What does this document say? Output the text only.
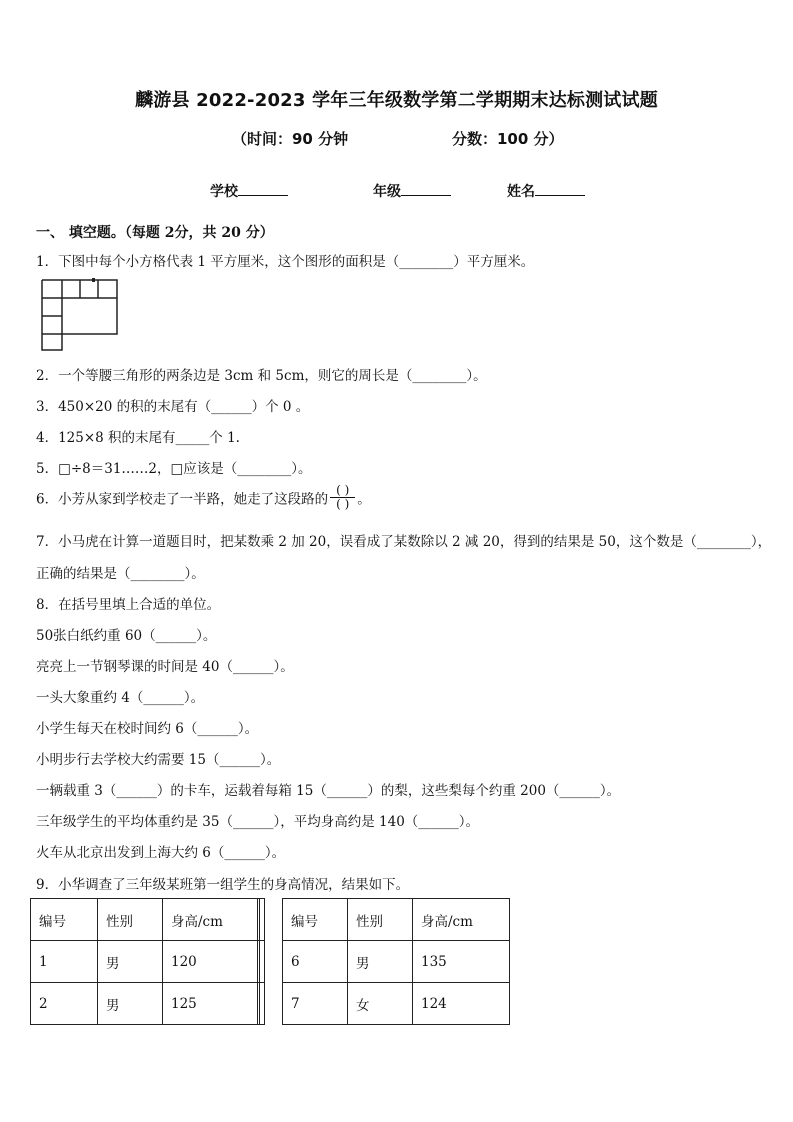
麟游县 2022-2023 学年三年级数学第二学期期末达标测试试题
（时间：90 分钟	分数：100 分）
学校	年级	姓名
一、 填空题。（每题 2分，共 20 分）
1．下图中每个小方格代表 1 平方厘米，这个图形的面积是（________）平方厘米。
2．一个等腰三角形的两条边是 3cm 和 5cm，则它的周长是（________）。
3．450×20 的积的末尾有（______）个 0 。
4．125×8 积的末尾有_____个 1.
5．□÷8＝31……2，□应该是（________）。
6．小芳从家到学校走了一半路，她走了这段路的 $\frac{( )}{( )}$ 。
7．小马虎在计算一道题目时，把某数乘 2 加 20，误看成了某数除以 2 减 20，得到的结果是 50，这个数是（________），
正确的结果是（________）。
8．在括号里填上合适的单位。
50张白纸约重 60（______）。
亮亮上一节钢琴课的时间是 40（______）。
一头大象重约 4（______）。
小学生每天在校时间约 6（______）。
小明步行去学校大约需要 15（______）。
一辆载重 3（______）的卡车，运载着每箱 15（______）的梨，这些梨每个约重 200（______）。
三年级学生的平均体重约是 35（______），平均身高约是 140（______）。
火车从北京出发到上海大约 6（______）。
9．小华调查了三年级某班第一组学生的身高情况，结果如下。
编号	性别	身高/cm
1	男	120
2	男	125

编号	性别	身高/cm
6	男	135
7	女	124
